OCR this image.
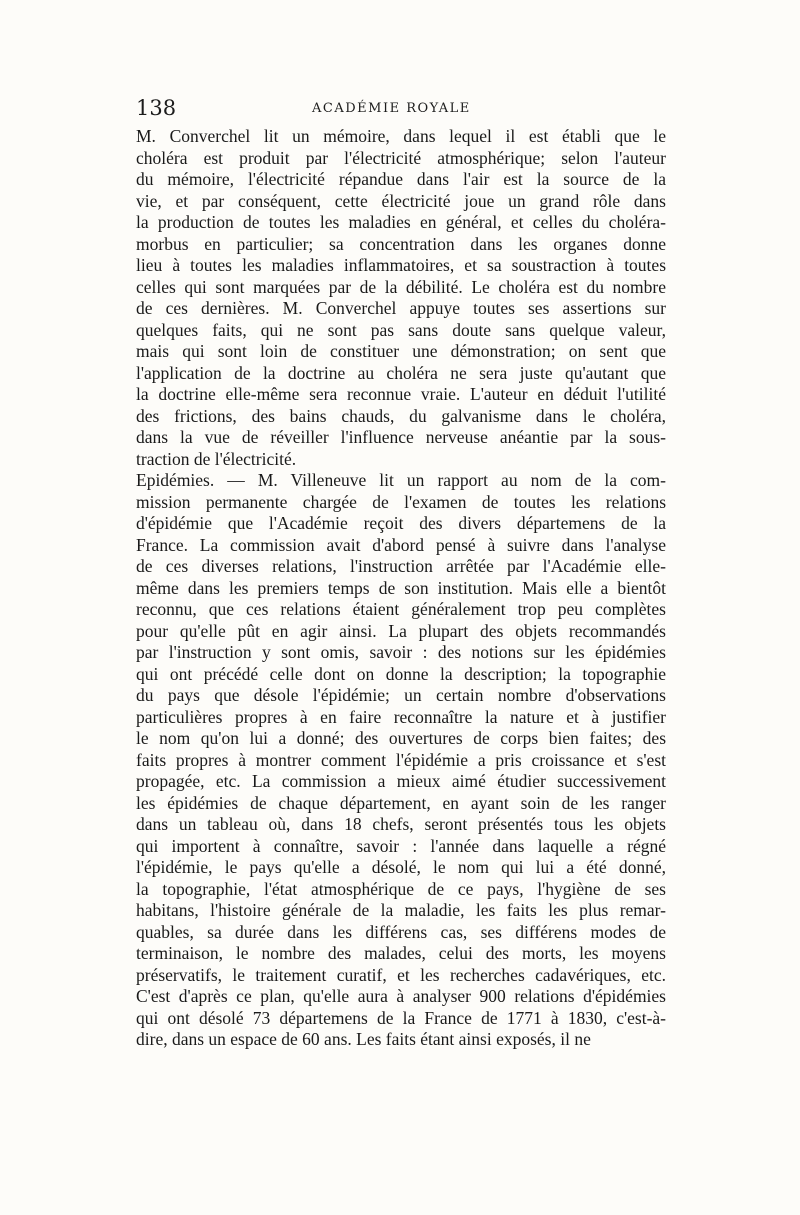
138	ACADÉMIE ROYALE
M. Converchel lit un mémoire, dans lequel il est établi que le
choléra est produit par l'électricité atmosphérique; selon l'auteur
du mémoire, l'électricité répandue dans l'air est la source de la
vie, et par conséquent, cette électricité joue un grand rôle dans
la production de toutes les maladies en général, et celles du choléra-
morbus en particulier; sa concentration dans les organes donne
lieu à toutes les maladies inflammatoires, et sa soustraction à toutes
celles qui sont marquées par de la débilité. Le choléra est du nombre
de ces dernières. M. Converchel appuye toutes ses assertions sur
quelques faits, qui ne sont pas sans doute sans quelque valeur,
mais qui sont loin de constituer une démonstration; on sent que
l'application de la doctrine au choléra ne sera juste qu'autant que
la doctrine elle-même sera reconnue vraie. L'auteur en déduit l'utilité
des frictions, des bains chauds, du galvanisme dans le choléra,
dans la vue de réveiller l'influence nerveuse anéantie par la sous-
traction de l'électricité.
Epidémies. — M. Villeneuve lit un rapport au nom de la com-
mission permanente chargée de l'examen de toutes les relations
d'épidémie que l'Académie reçoit des divers départemens de la
France. La commission avait d'abord pensé à suivre dans l'analyse
de ces diverses relations, l'instruction arrêtée par l'Académie elle-
même dans les premiers temps de son institution. Mais elle a bientôt
reconnu, que ces relations étaient généralement trop peu complètes
pour qu'elle pût en agir ainsi. La plupart des objets recommandés
par l'instruction y sont omis, savoir : des notions sur les épidémies
qui ont précédé celle dont on donne la description; la topographie
du pays que désole l'épidémie; un certain nombre d'observations
particulières propres à en faire reconnaître la nature et à justifier
le nom qu'on lui a donné; des ouvertures de corps bien faites; des
faits propres à montrer comment l'épidémie a pris croissance et s'est
propagée, etc. La commission a mieux aimé étudier successivement
les épidémies de chaque département, en ayant soin de les ranger
dans un tableau où, dans 18 chefs, seront présentés tous les objets
qui importent à connaître, savoir : l'année dans laquelle a régné
l'épidémie, le pays qu'elle a désolé, le nom qui lui a été donné,
la topographie, l'état atmosphérique de ce pays, l'hygiène de ses
habitans, l'histoire générale de la maladie, les faits les plus remar-
quables, sa durée dans les différens cas, ses différens modes de
terminaison, le nombre des malades, celui des morts, les moyens
préservatifs, le traitement curatif, et les recherches cadavériques, etc.
C'est d'après ce plan, qu'elle aura à analyser 900 relations d'épidémies
qui ont désolé 73 départemens de la France de 1771 à 1830, c'est-à-
dire, dans un espace de 60 ans. Les faits étant ainsi exposés, il ne
